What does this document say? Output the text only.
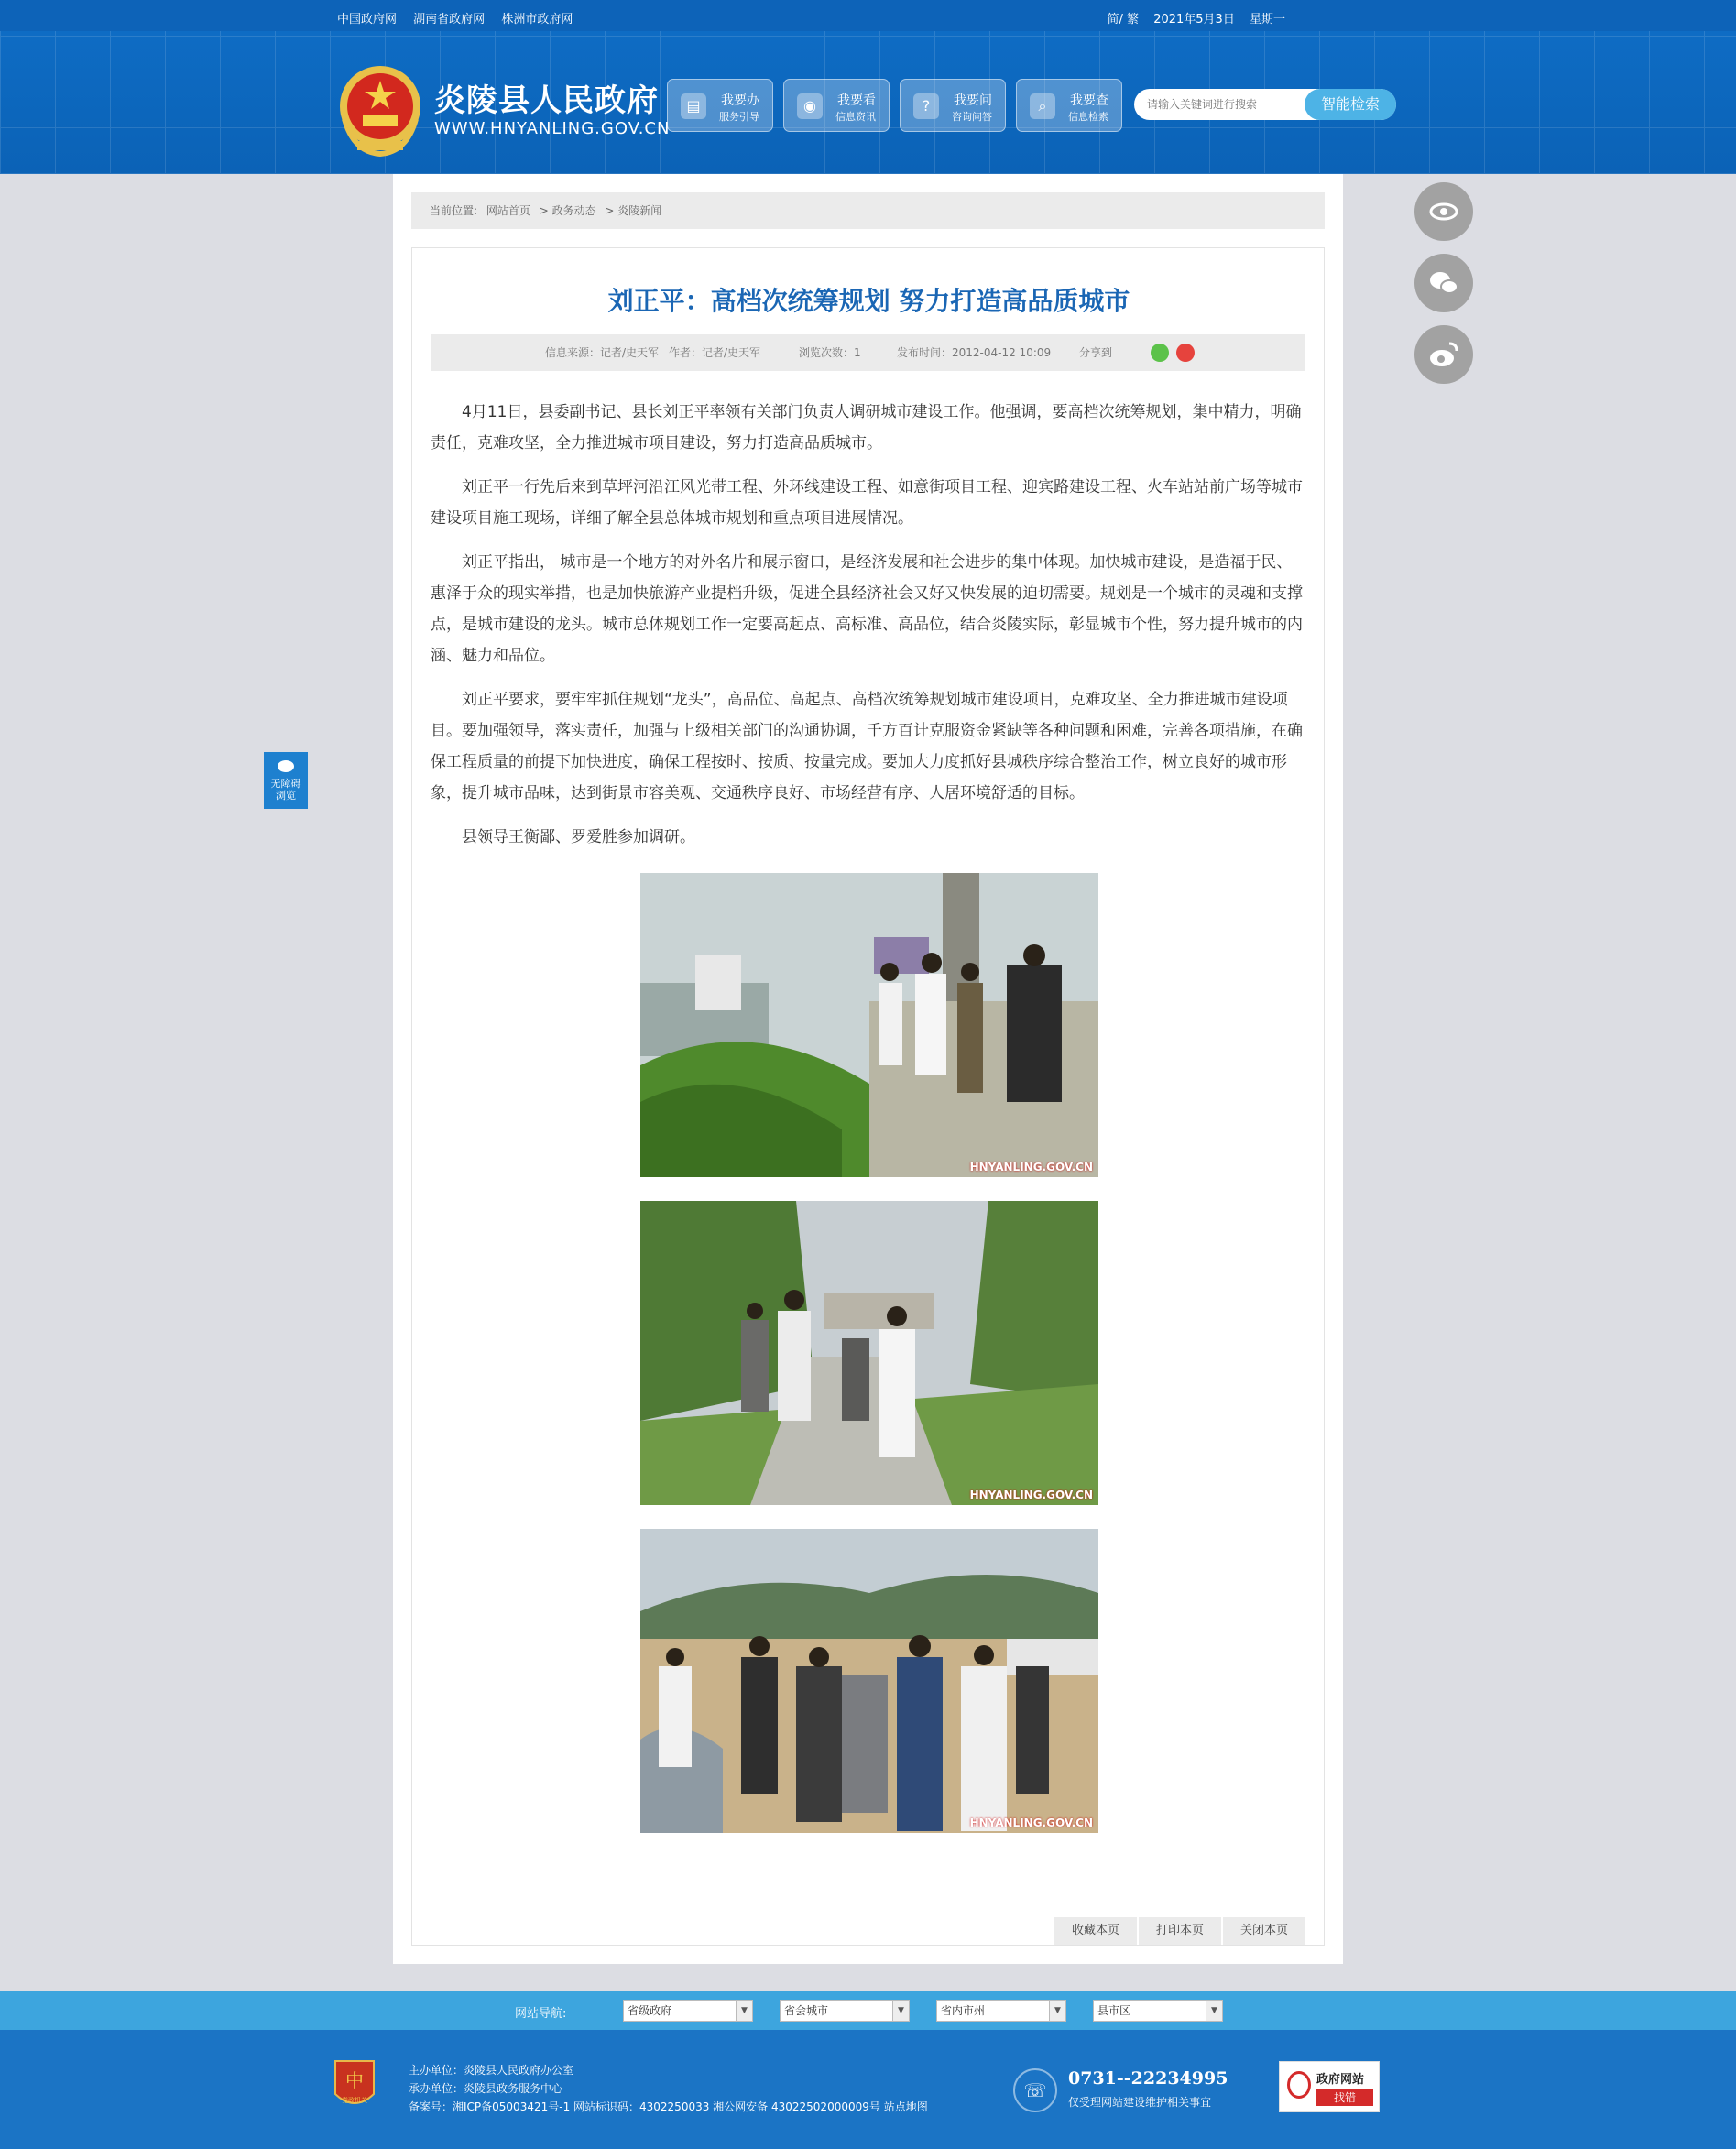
中国政府网 湖南省政府网 株洲市政府网	简/ 繁 2021年5月3日 星期一
炎陵县人民政府
WWW.HNYANLING.GOV.CN
▤	我要办
服务引导
◉	我要看
信息资讯
?	我要问
咨询问答
⌕	我要查
信息检索
请输入关键词进行搜索
智能检索
当前位置: 网站首页 > 政务动态 > 炎陵新闻
刘正平：高档次统筹规划 努力打造高品质城市
信息来源：记者/史天军 作者：记者/史天军	浏览次数：1	发布时间：2012-04-12 10:09	分享到

4月11日，县委副书记、县长刘正平率领有关部门负责人调研城市建设工作。他强调，要高档次统筹规划，集中精力，明确责任，克难攻坚，全力推进城市项目建设，努力打造高品质城市。

刘正平一行先后来到草坪河沿江风光带工程、外环线建设工程、如意街项目工程、迎宾路建设工程、火车站站前广场等城市建设项目施工现场，详细了解全县总体城市规划和重点项目进展情况。

刘正平指出， 城市是一个地方的对外名片和展示窗口，是经济发展和社会进步的集中体现。加快城市建设，是造福于民、惠泽于众的现实举措，也是加快旅游产业提档升级，促进全县经济社会又好又快发展的迫切需要。规划是一个城市的灵魂和支撑点，是城市建设的龙头。城市总体规划工作一定要高起点、高标准、高品位，结合炎陵实际，彰显城市个性，努力提升城市的内涵、魅力和品位。

刘正平要求，要牢牢抓住规划“龙头”，高品位、高起点、高档次统筹规划城市建设项目，克难攻坚、全力推进城市建设项目。要加强领导，落实责任，加强与上级相关部门的沟通协调，千方百计克服资金紧缺等各种问题和困难，完善各项措施，在确保工程质量的前提下加快进度，确保工程按时、按质、按量完成。要加大力度抓好县城秩序综合整治工作，树立良好的城市形象，提升城市品味，达到街景市容美观、交通秩序良好、市场经营有序、人居环境舒适的目标。

县领导王衡鄙、罗爱胜参加调研。

HNYANLING.GOV.CN
HNYANLING.GOV.CN
HNYANLING.GOV.CN
收藏本页	打印本页	关闭本页
无障碍
浏览
网站导航:	省级政府	▼	省会城市	▼	省内市州	▼	县市区	▼
中
党政机关
主办单位：炎陵县人民政府办公室
承办单位：炎陵县政务服务中心
备案号：湘ICP备05003421号-1 网站标识码：4302250033 湘公网安备 43022502000009号 站点地图
☏
0731--22234995
仅受理网站建设维护相关事宜
政府网站
找错
